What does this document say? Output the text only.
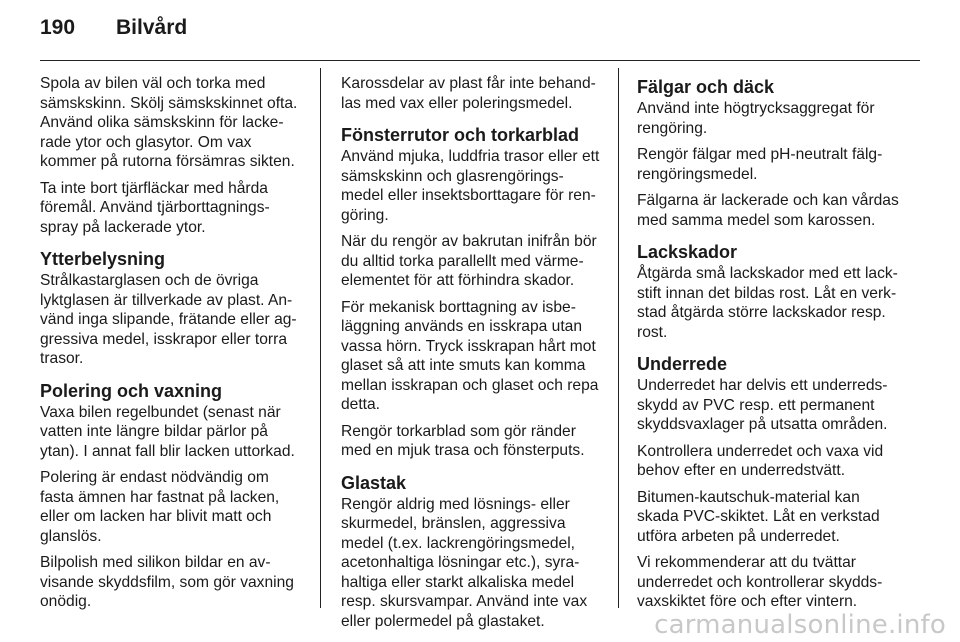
190	Bilvård

Spola av bilen väl och torka med
sämskskinn. Skölj sämskskinnet ofta.
Använd olika sämskskinn för lacke-
rade ytor och glasytor. Om vax
kommer på rutorna försämras sikten.

Ta inte bort tjärfläckar med hårda
föremål. Använd tjärborttagnings-
spray på lackerade ytor.

Ytterbelysning

Strålkastarglasen och de övriga
lyktglasen är tillverkade av plast. An-
vänd inga slipande, frätande eller ag-
gressiva medel, isskrapor eller torra
trasor.

Polering och vaxning

Vaxa bilen regelbundet (senast när
vatten inte längre bildar pärlor på
ytan). I annat fall blir lacken uttorkad.

Polering är endast nödvändig om
fasta ämnen har fastnat på lacken,
eller om lacken har blivit matt och
glanslös.

Bilpolish med silikon bildar en av-
visande skyddsfilm, som gör vaxning
onödig.

Karossdelar av plast får inte behand-
las med vax eller poleringsmedel.

Fönsterrutor och torkarblad

Använd mjuka, luddfria trasor eller ett
sämskskinn och glasrengörings-
medel eller insektsborttagare för ren-
göring.

När du rengör av bakrutan inifrån bör
du alltid torka parallellt med värme-
elementet för att förhindra skador.

För mekanisk borttagning av isbe-
läggning används en isskrapa utan
vassa hörn. Tryck isskrapan hårt mot
glaset så att inte smuts kan komma
mellan isskrapan och glaset och repa
detta.

Rengör torkarblad som gör ränder
med en mjuk trasa och fönsterputs.

Glastak

Rengör aldrig med lösnings- eller
skurmedel, bränslen, aggressiva
medel (t.ex. lackrengöringsmedel,
acetonhaltiga lösningar etc.), syra-
haltiga eller starkt alkaliska medel
resp. skursvampar. Använd inte vax
eller polermedel på glastaket.

Fälgar och däck

Använd inte högtrycksaggregat för
rengöring.

Rengör fälgar med pH-neutralt fälg-
rengöringsmedel.

Fälgarna är lackerade och kan vårdas
med samma medel som karossen.

Lackskador

Åtgärda små lackskador med ett lack-
stift innan det bildas rost. Låt en verk-
stad åtgärda större lackskador resp.
rost.

Underrede

Underredet har delvis ett underreds-
skydd av PVC resp. ett permanent
skyddsvaxlager på utsatta områden.

Kontrollera underredet och vaxa vid
behov efter en underredstvätt.

Bitumen-kautschuk-material kan
skada PVC-skiktet. Låt en verkstad
utföra arbeten på underredet.

Vi rekommenderar att du tvättar
underredet och kontrollerar skydds-
vaxskiktet före och efter vintern.

carmanualsonline.info
